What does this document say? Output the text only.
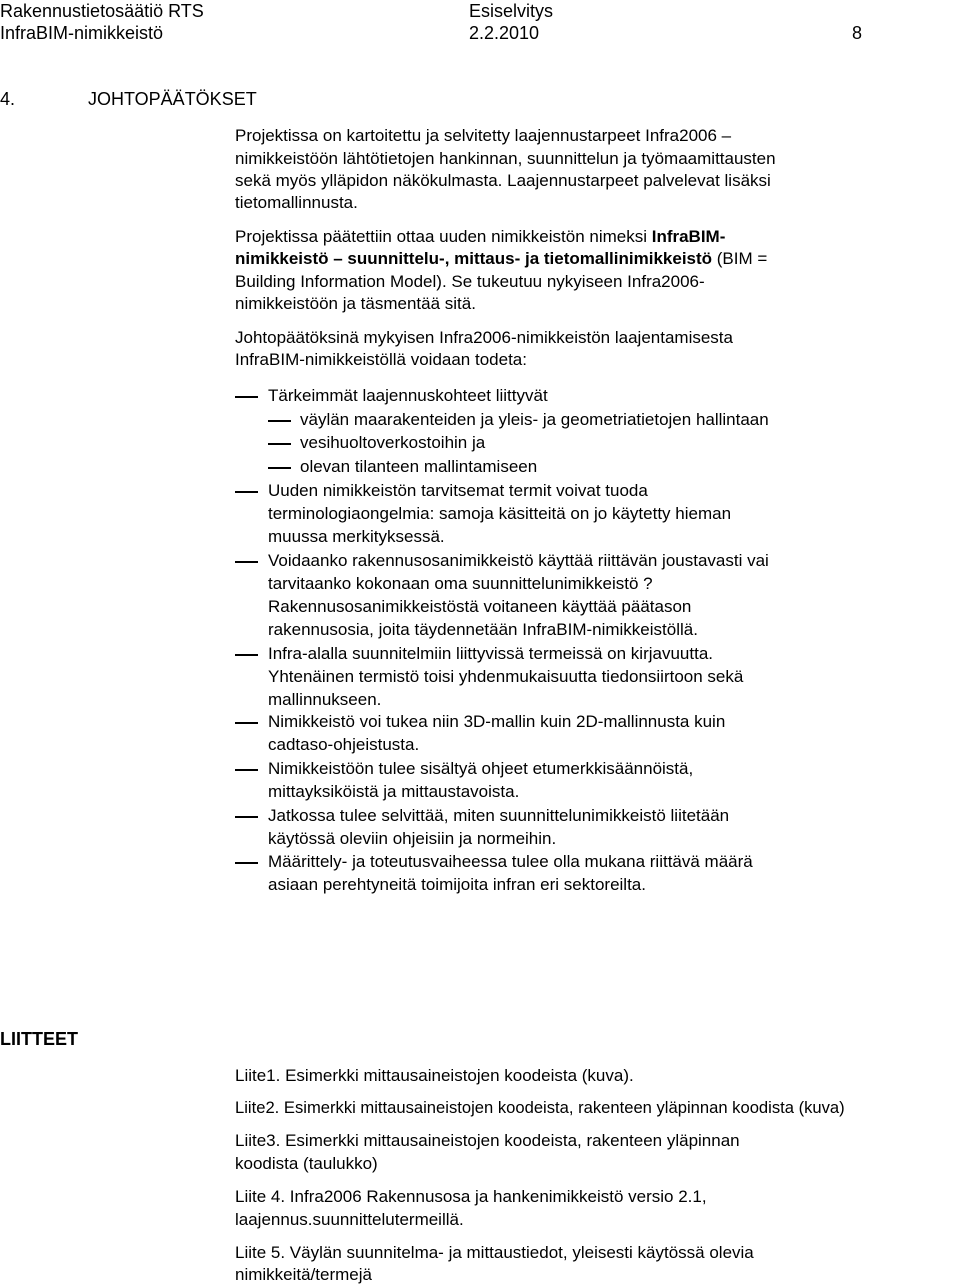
Rakennustietosäätiö RTS	Esiselvitys
InfraBIM-nimikkeistö	2.2.2010	8
4.	JOHTOPÄÄTÖKSET
Projektissa on kartoitettu ja selvitetty laajennustarpeet Infra2006 –
nimikkeistöön lähtötietojen hankinnan, suunnittelun ja työmaamittausten
sekä myös ylläpidon näkökulmasta. Laajennustarpeet palvelevat lisäksi
tietomallinnusta.
Projektissa päätettiin ottaa uuden nimikkeistön nimeksi InfraBIM-
nimikkeistö – suunnittelu-, mittaus- ja tietomallinimikkeistö (BIM =
Building Information Model). Se tukeutuu nykyiseen Infra2006-
nimikkeistöön ja täsmentää sitä.
Johtopäätöksinä mykyisen Infra2006-nimikkeistön laajentamisesta
InfraBIM-nimikkeistöllä voidaan todeta:
Tärkeimmät laajennuskohteet liittyvät
väylän maarakenteiden ja yleis- ja geometriatietojen hallintaan
vesihuoltoverkostoihin ja
olevan tilanteen mallintamiseen
Uuden nimikkeistön tarvitsemat termit voivat tuoda
terminologiaongelmia: samoja käsitteitä on jo käytetty hieman
muussa merkityksessä.
Voidaanko rakennusosanimikkeistö käyttää riittävän joustavasti vai
tarvitaanko kokonaan oma suunnittelunimikkeistö ?
Rakennusosanimikkeistöstä voitaneen käyttää päätason
rakennusosia, joita täydennetään InfraBIM-nimikkeistöllä.
Infra-alalla suunnitelmiin liittyvissä termeissä on kirjavuutta.
Yhtenäinen termistö toisi yhdenmukaisuutta tiedonsiirtoon sekä
mallinnukseen.
Nimikkeistö voi tukea niin 3D-mallin kuin 2D-mallinnusta kuin
cadtaso-ohjeistusta.
Nimikkeistöön tulee sisältyä ohjeet etumerkkisäännöistä,
mittayksiköistä ja mittaustavoista.
Jatkossa tulee selvittää, miten suunnittelunimikkeistö liitetään
käytössä oleviin ohjeisiin ja normeihin.
Määrittely- ja toteutusvaiheessa tulee olla mukana riittävä määrä
asiaan perehtyneitä toimijoita infran eri sektoreilta.
LIITTEET
Liite1. Esimerkki mittausaineistojen koodeista (kuva).
Liite2. Esimerkki mittausaineistojen koodeista, rakenteen yläpinnan koodista (kuva)
Liite3. Esimerkki mittausaineistojen koodeista, rakenteen yläpinnan
koodista (taulukko)
Liite 4. Infra2006 Rakennusosa ja hankenimikkeistö versio 2.1,
laajennus.suunnittelutermeillä.
Liite 5. Väylän suunnitelma- ja mittaustiedot, yleisesti käytössä olevia
nimikkeitä/termejä
